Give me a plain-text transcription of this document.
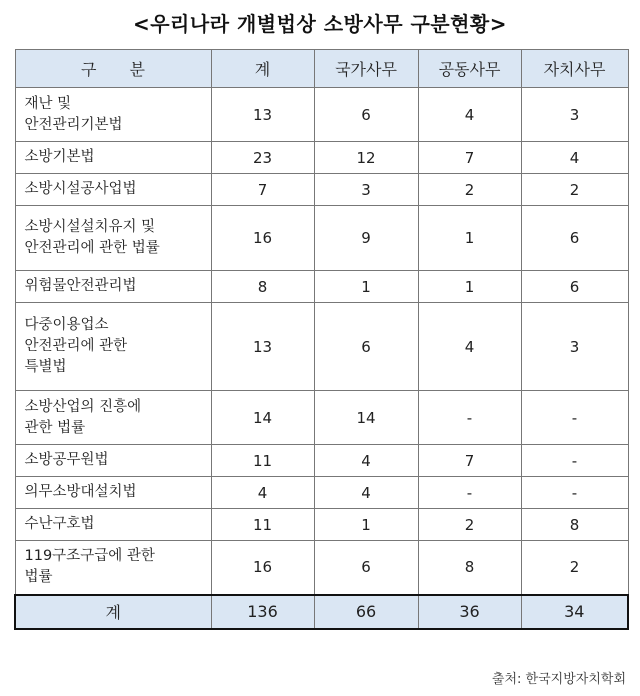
<우리나라 개별법상 소방사무 구분현황>
구 분	계	국가사무	공동사무	자치사무

재난 및
안전관리기본법	13	6	4	3

소방기본법	23	12	7	4

소방시설공사업법	7	3	2	2

소방시설설치유지 및
안전관리에 관한 법률	16	9	1	6

위험물안전관리법	8	1	1	6

다중이용업소
안전관리에 관한
특별법	13	6	4	3

소방산업의 진흥에
관한 법률	14	14	-	-

소방공무원법	11	4	7	-

의무소방대설치법	4	4	-	-

수난구호법	11	1	2	8

119구조구급에 관한
법률	16	6	8	2
계	136	66	36	34
출처: 한국지방자치학회
